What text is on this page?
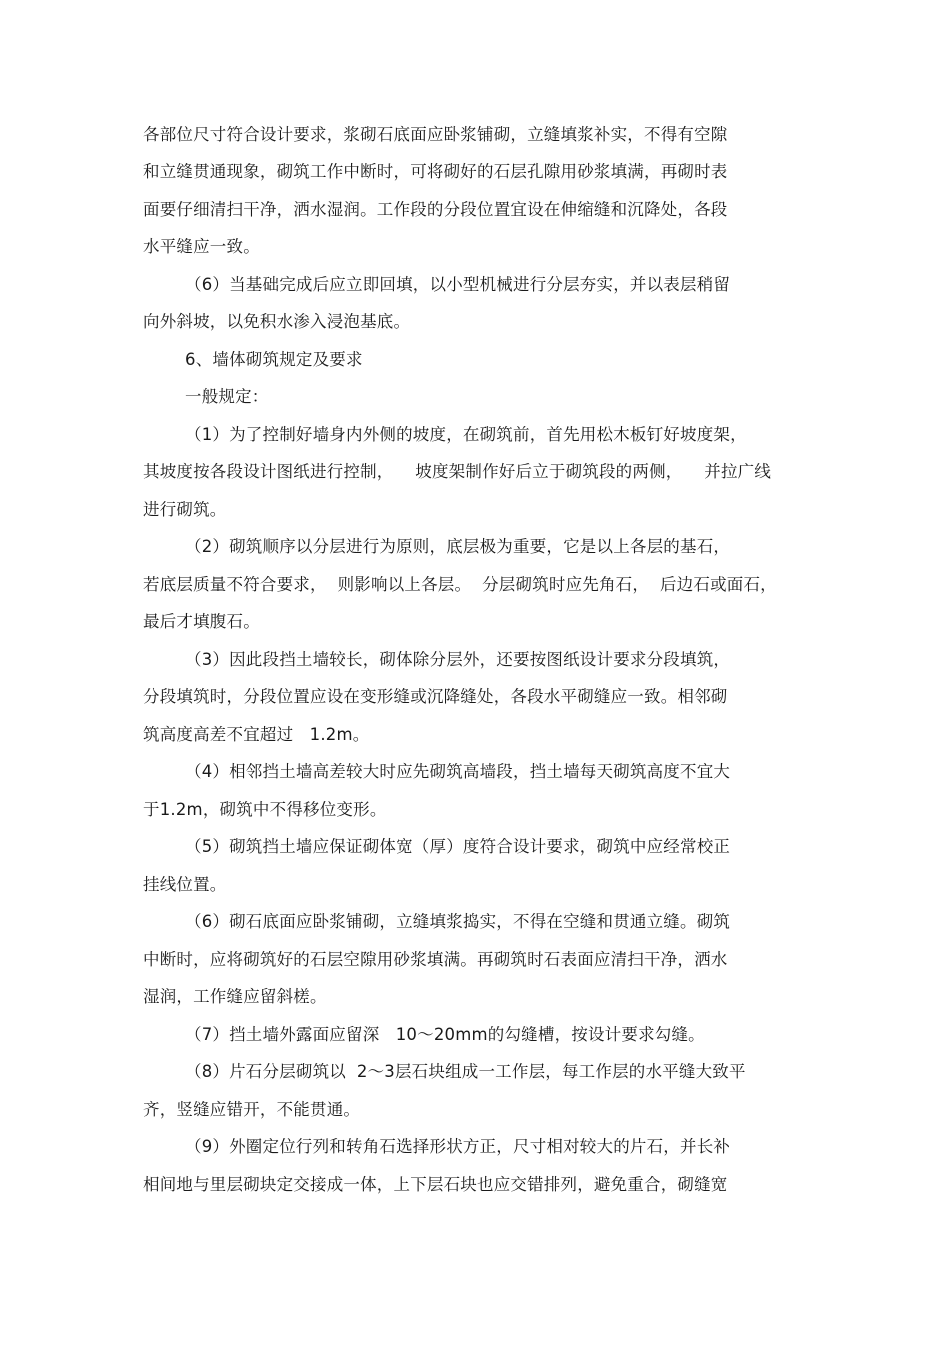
各部位尺寸符合设计要求，浆砌石底面应卧浆铺砌，立缝填浆补实，不得有空隙
和立缝贯通现象，砌筑工作中断时，可将砌好的石层孔隙用砂浆填满，再砌时表
面要仔细清扫干净，洒水湿润。工作段的分段位置宜设在伸缩缝和沉降处，各段
水平缝应一致。
（6）当基础完成后应立即回填，以小型机械进行分层夯实，并以表层稍留
向外斜坡，以免积水渗入浸泡基底。
6、墙体砌筑规定及要求
一般规定：
（1）为了控制好墙身内外侧的坡度，在砌筑前，首先用松木板钉好坡度架，
其坡度按各段设计图纸进行控制，    坡度架制作好后立于砌筑段的两侧，    并拉广线
进行砌筑。
（2）砌筑顺序以分层进行为原则，底层极为重要，它是以上各层的基石，
若底层质量不符合要求，  则影响以上各层。  分层砌筑时应先角石，  后边石或面石，
最后才填腹石。
（3）因此段挡土墙较长，砌体除分层外，还要按图纸设计要求分段填筑，
分段填筑时，分段位置应设在变形缝或沉降缝处，各段水平砌缝应一致。相邻砌
筑高度高差不宜超过   1.2m。
（4）相邻挡土墙高差较大时应先砌筑高墙段，挡土墙每天砌筑高度不宜大
于1.2m，砌筑中不得移位变形。
（5）砌筑挡土墙应保证砌体宽（厚）度符合设计要求，砌筑中应经常校正
挂线位置。
（6）砌石底面应卧浆铺砌，立缝填浆捣实，不得在空缝和贯通立缝。砌筑
中断时，应将砌筑好的石层空隙用砂浆填满。再砌筑时石表面应清扫干净，洒水
湿润，工作缝应留斜槎。
（7）挡土墙外露面应留深   10～20mm的勾缝槽，按设计要求勾缝。
（8）片石分层砌筑以  2～3层石块组成一工作层，每工作层的水平缝大致平
齐，竖缝应错开，不能贯通。
（9）外圈定位行列和转角石选择形状方正，尺寸相对较大的片石，并长补
相间地与里层砌块定交接成一体，上下层石块也应交错排列，避免重合，砌缝宽
